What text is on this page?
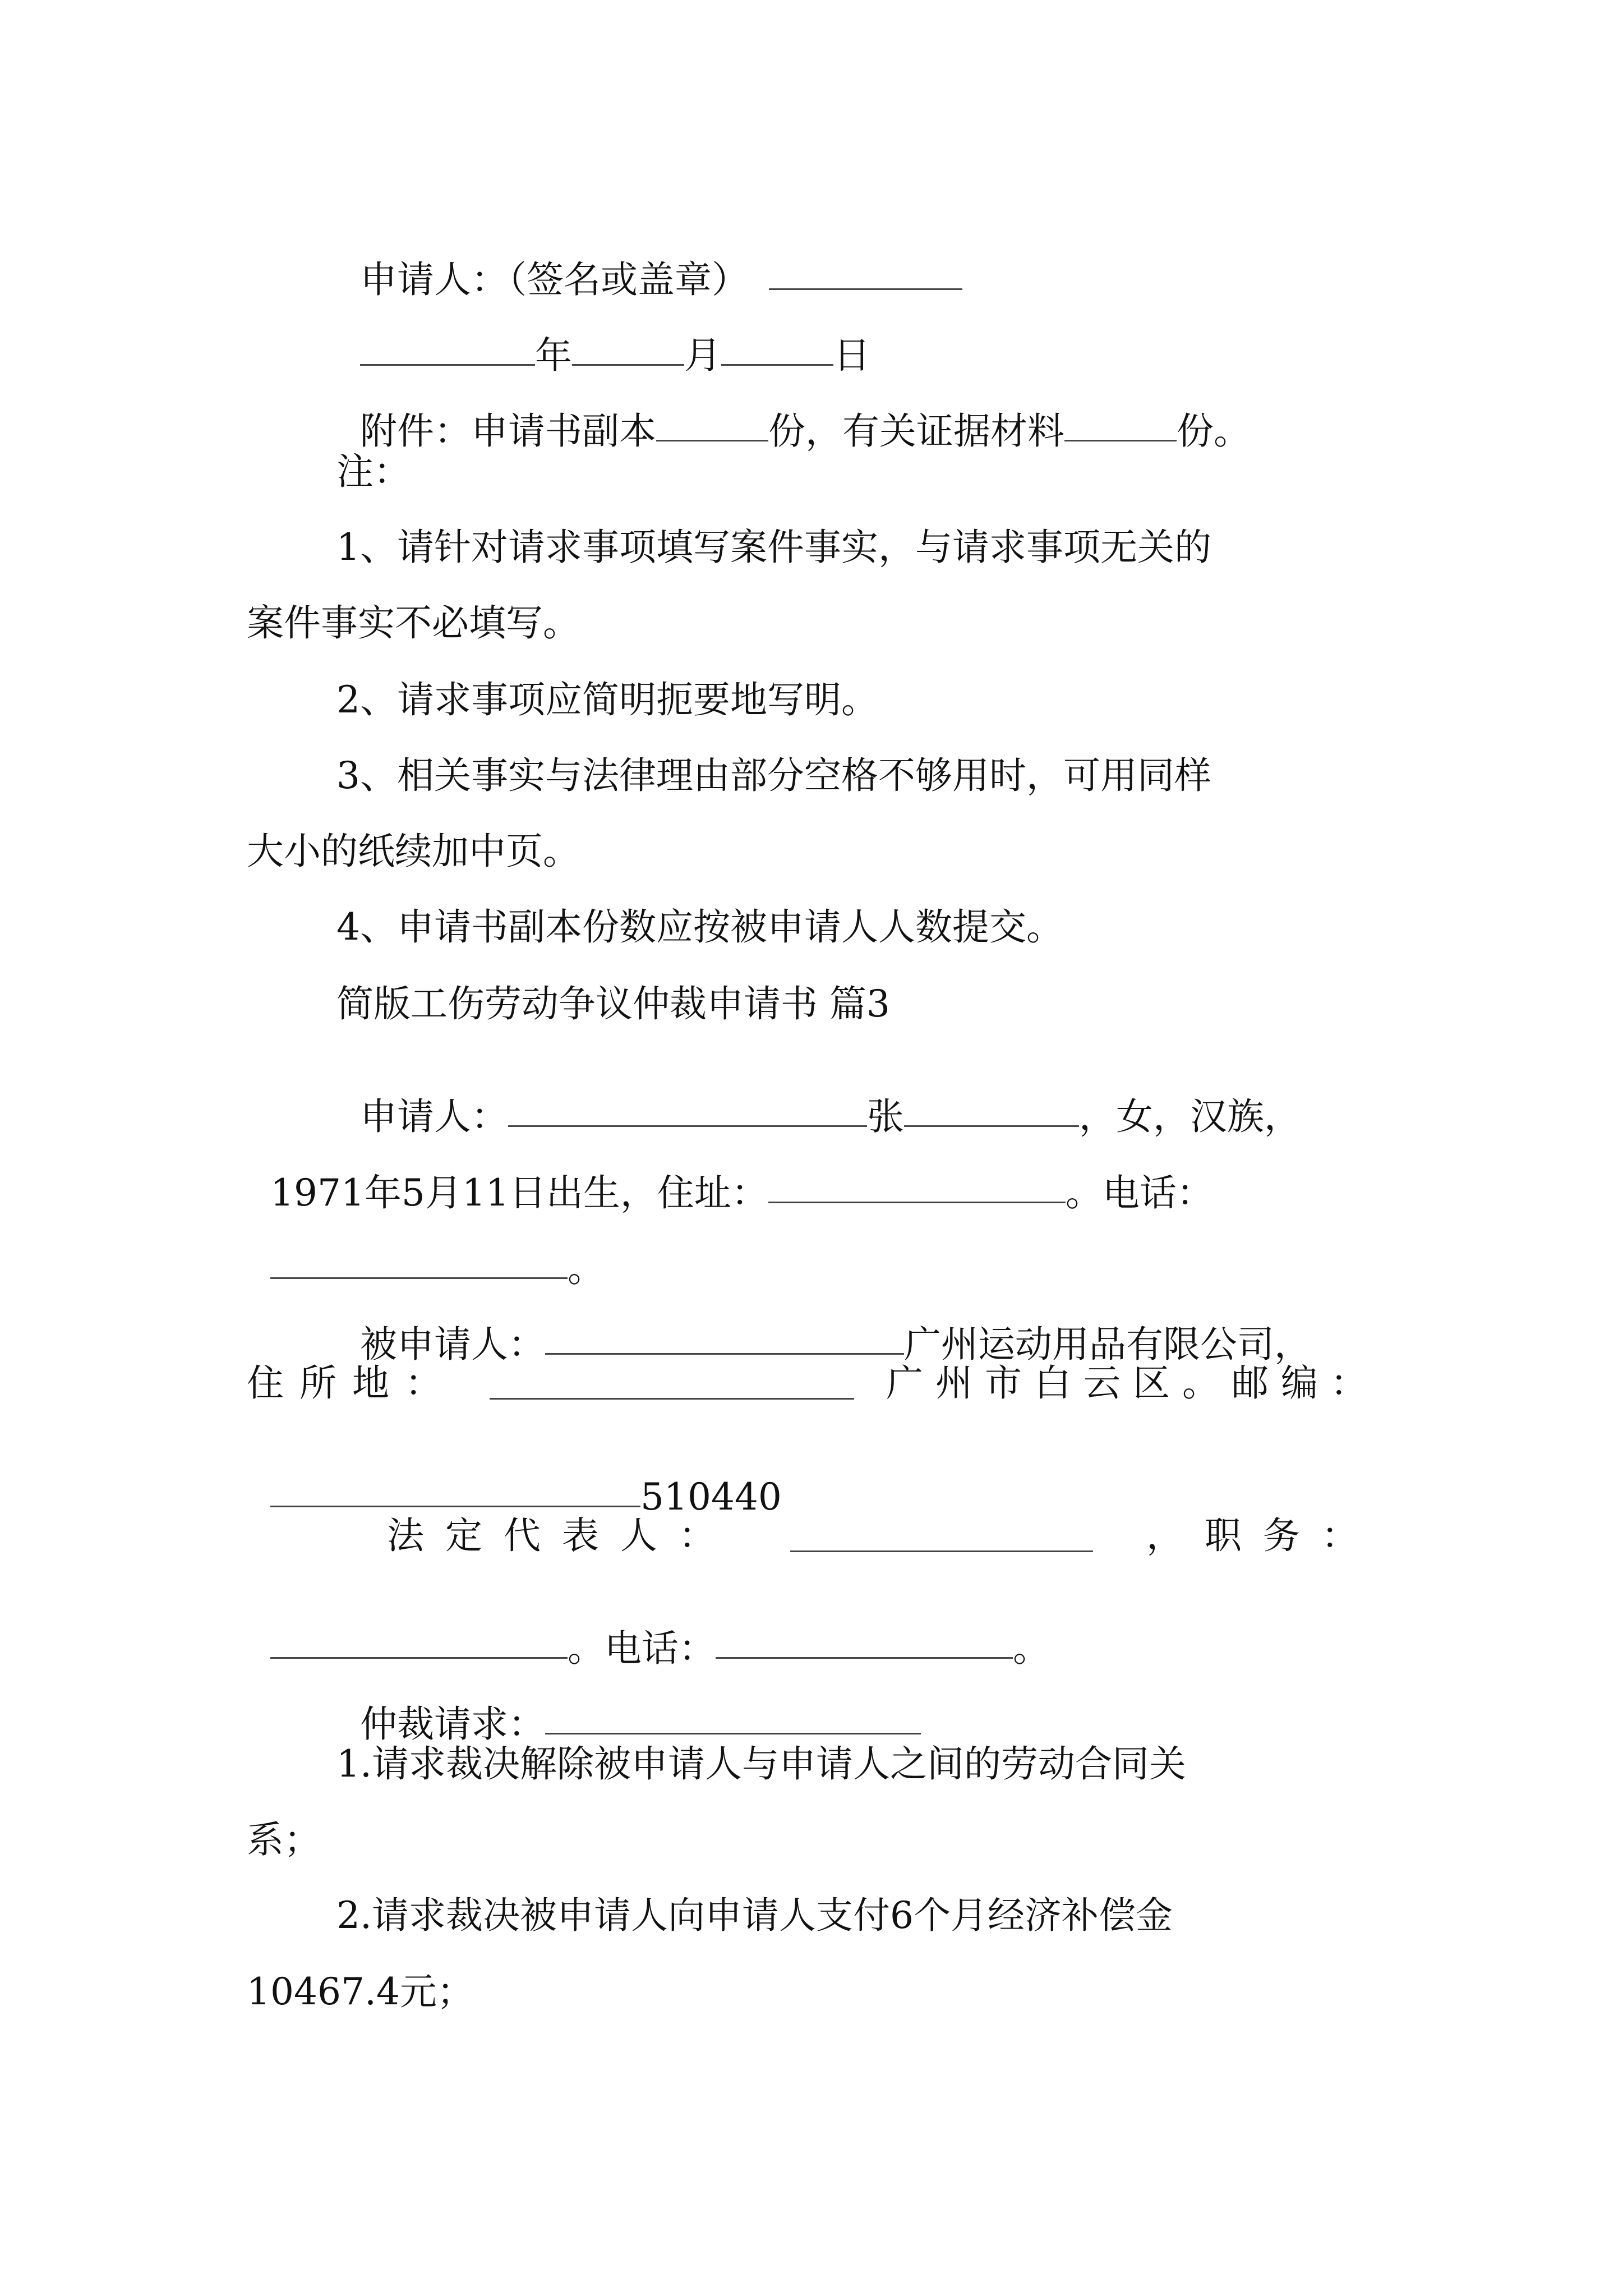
申请人：（签名或盖章）

年	月	日

附件：申请书副本	份，有关证据材料	份。

注：
1、请针对请求事项填写案件事实，与请求事项无关的
案件事实不必填写。
2、请求事项应简明扼要地写明。
3、相关事实与法律理由部分空格不够用时，可用同样
大小的纸续加中页。
4、申请书副本份数应按被申请人人数提交。
简版工伤劳动争议仲裁申请书 篇3

申请人：	张	，女，汉族，

1971年5月11日出生，住址：	。电话：

。

被申请人：	广州运动用品有限公司，

住所地：	广州市白云区。邮编：

510440

法定代表人：	，职务：

。电话：	。

仲裁请求：

1.请求裁决解除被申请人与申请人之间的劳动合同关
系；
2.请求裁决被申请人向申请人支付6个月经济补偿金
10467.4元；
